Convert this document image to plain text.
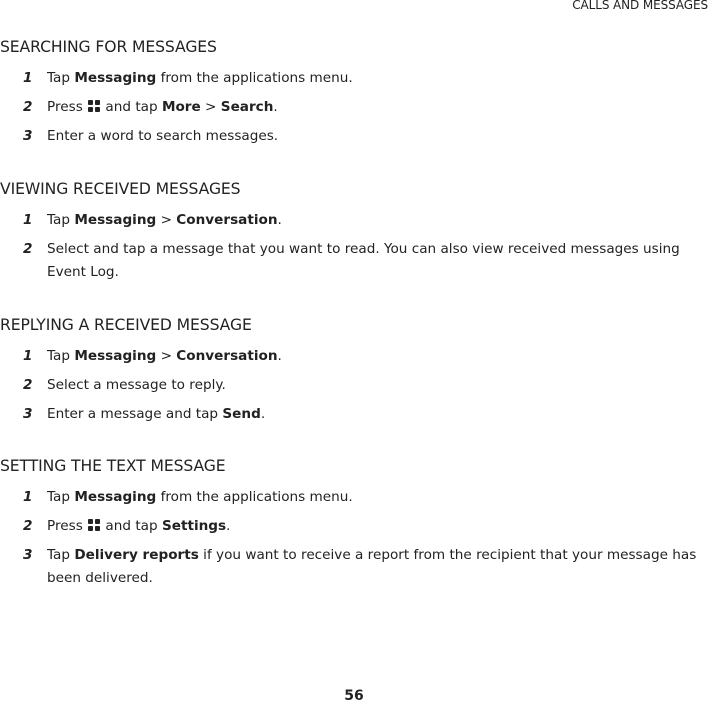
CALLS AND MESSAGES
SEARCHING FOR MESSAGES
1 Tap Messaging from the applications menu.
2 Press
and tap More > Search.
3 Enter a word to search messages.
VIEWING RECEIVED MESSAGES
1 Tap Messaging > Conversation.
2 Select and tap a message that you want to read. You can also view received messages using Event Log.
REPLYING A RECEIVED MESSAGE
1 Tap Messaging > Conversation.
2 Select a message to reply.
3 Enter a message and tap Send.
SETTING THE TEXT MESSAGE
1 Tap Messaging from the applications menu.
2 Press
and tap Settings.
3 Tap Delivery reports if you want to receive a report from the recipient that your message has been delivered.
56
